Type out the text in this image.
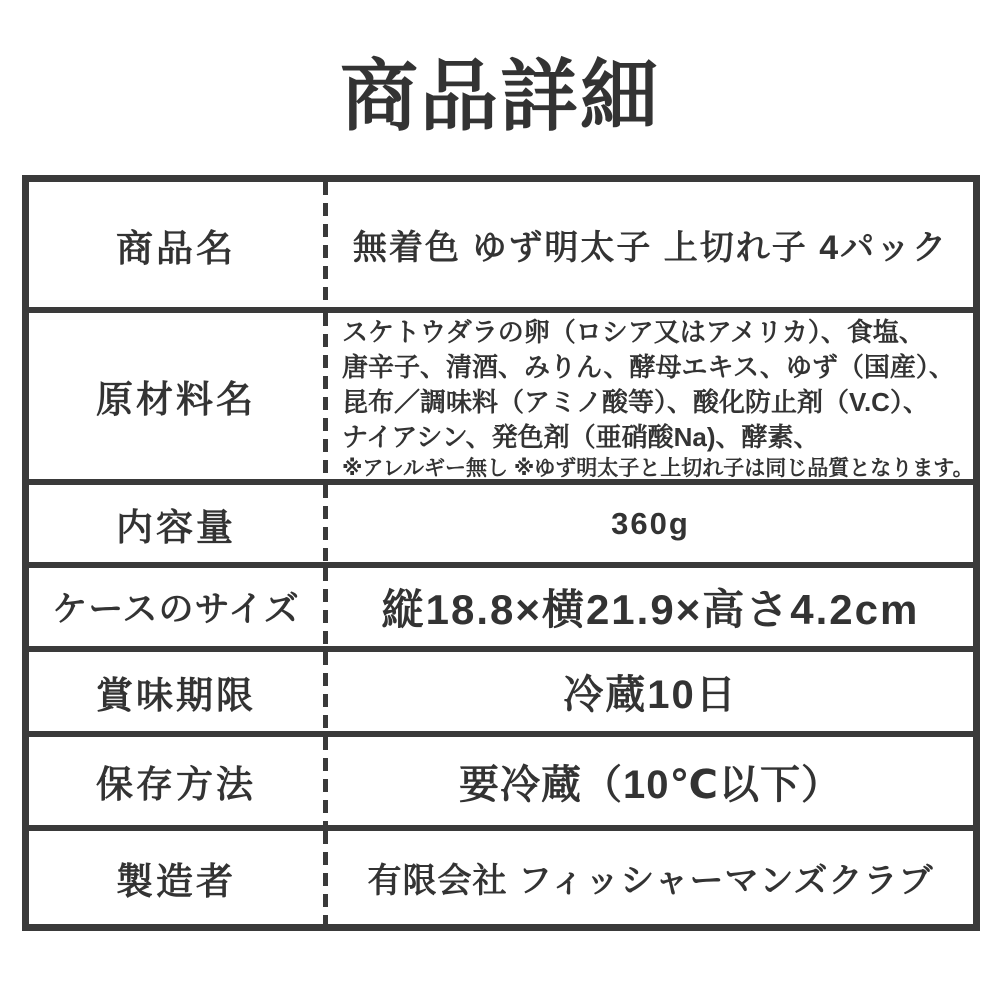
商品詳細
商品名	無着色 ゆず明太子 上切れ子 4パック
原材料名
スケトウダラの卵（ロシア又はアメリカ）、食塩、
唐辛子、清酒、みりん、酵母エキス、ゆず（国産）、
昆布／調味料（アミノ酸等）、酸化防止剤（V.C）、
ナイアシン、発色剤（亜硝酸Na)、酵素、
※アレルギー無し ※ゆず明太子と上切れ子は同じ品質となります。
内容量	360g
ケースのサイズ	縦18.8×横21.9×高さ4.2cm
賞味期限	冷蔵10日
保存方法	要冷蔵（10℃以下）
製造者	有限会社 フィッシャーマンズクラブ
